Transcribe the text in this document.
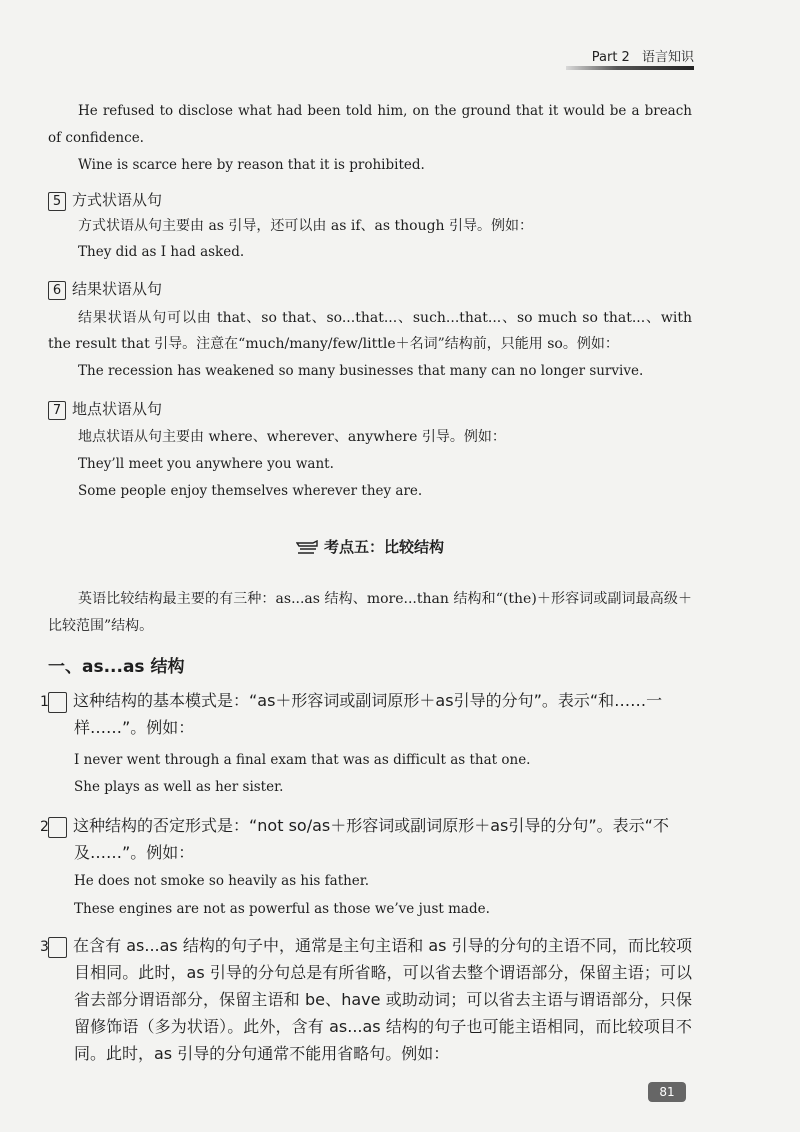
Part 2 语言知识
He refused to disclose what had been told him, on the ground that it would be a breach of confidence.
Wine is scarce here by reason that it is prohibited.
5 方式状语从句
方式状语从句主要由 as 引导，还可以由 as if、as though 引导。例如：
They did as I had asked.
6 结果状语从句
结果状语从句可以由 that、so that、so...that...、such...that...、so much so that...、with the result that 引导。注意在“much/many/few/little＋名词”结构前，只能用 so。例如：
The recession has weakened so many businesses that many can no longer survive.
7 地点状语从句
地点状语从句主要由 where、wherever、anywhere 引导。例如：
They’ll meet you anywhere you want.
Some people enjoy themselves wherever they are.
考点五：比较结构
英语比较结构最主要的有三种：as...as 结构、more...than 结构和“(the)＋形容词或副词最高级＋比较范围”结构。
一、as...as 结构
1 这种结构的基本模式是：“as＋形容词或副词原形＋as引导的分句”。表示“和……一样……”。例如：
I never went through a final exam that was as difficult as that one.
She plays as well as her sister.
2 这种结构的否定形式是：“not so/as＋形容词或副词原形＋as引导的分句”。表示“不及……”。例如：
He does not smoke so heavily as his father.
These engines are not as powerful as those we’ve just made.
3 在含有 as...as 结构的句子中，通常是主句主语和 as 引导的分句的主语不同，而比较项目相同。此时，as 引导的分句总是有所省略，可以省去整个谓语部分，保留主语；可以省去部分谓语部分，保留主语和 be、have 或助动词；可以省去主语与谓语部分，只保留修饰语（多为状语）。此外，含有 as...as 结构的句子也可能主语相同，而比较项目不同。此时，as 引导的分句通常不能用省略句。例如：
81
